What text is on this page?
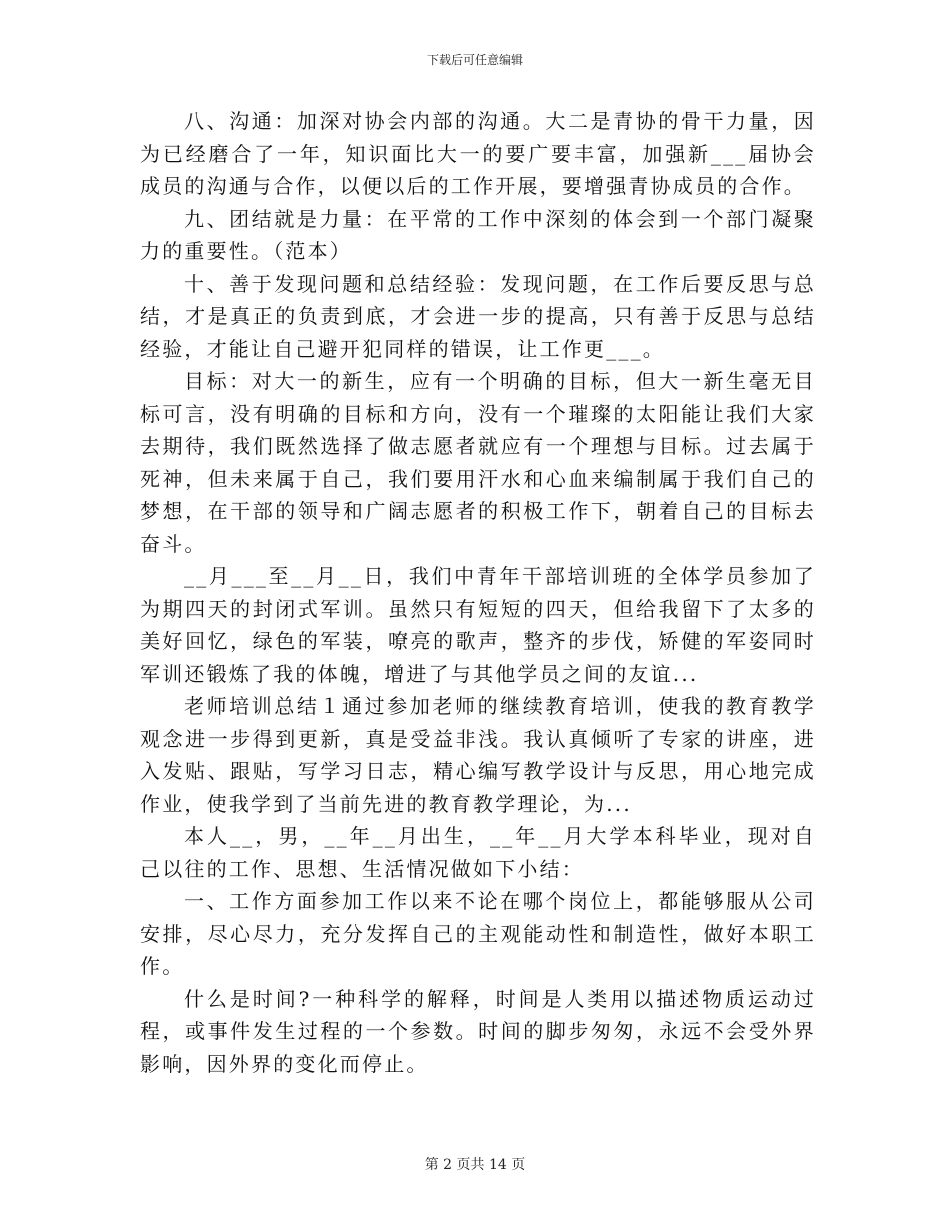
下载后可任意编辑

八、沟通：加深对协会内部的沟通。大二是青协的骨干力量，因为已经磨合了一年，知识面比大一的要广要丰富，加强新___届协会成员的沟通与合作，以便以后的工作开展，要增强青协成员的合作。

九、团结就是力量：在平常的工作中深刻的体会到一个部门凝聚力的重要性。（范本）

十、善于发现问题和总结经验：发现问题，在工作后要反思与总结，才是真正的负责到底，才会进一步的提高，只有善于反思与总结经验，才能让自己避开犯同样的错误，让工作更___。

目标：对大一的新生，应有一个明确的目标，但大一新生毫无目标可言，没有明确的目标和方向，没有一个璀璨的太阳能让我们大家去期待，我们既然选择了做志愿者就应有一个理想与目标。过去属于死神，但未来属于自己，我们要用汗水和心血来编制属于我们自己的梦想，在干部的领导和广阔志愿者的积极工作下，朝着自己的目标去奋斗。

__月___至__月__日，我们中青年干部培训班的全体学员参加了为期四天的封闭式军训。虽然只有短短的四天，但给我留下了太多的美好回忆，绿色的军装，嘹亮的歌声，整齐的步伐，矫健的军姿同时军训还锻炼了我的体魄，增进了与其他学员之间的友谊...

老师培训总结１通过参加老师的继续教育培训，使我的教育教学观念进一步得到更新，真是受益非浅。我认真倾听了专家的讲座，进入发贴、跟贴，写学习日志，精心编写教学设计与反思，用心地完成作业，使我学到了当前先进的教育教学理论，为...

本人__，男，__年__月出生，__年__月大学本科毕业，现对自己以往的工作、思想、生活情况做如下小结：

一、工作方面参加工作以来不论在哪个岗位上，都能够服从公司安排，尽心尽力，充分发挥自己的主观能动性和制造性，做好本职工作。

什么是时间?一种科学的解释，时间是人类用以描述物质运动过程，或事件发生过程的一个参数。时间的脚步匆匆，永远不会受外界影响，因外界的变化而停止。

第 2 页共 14 页
